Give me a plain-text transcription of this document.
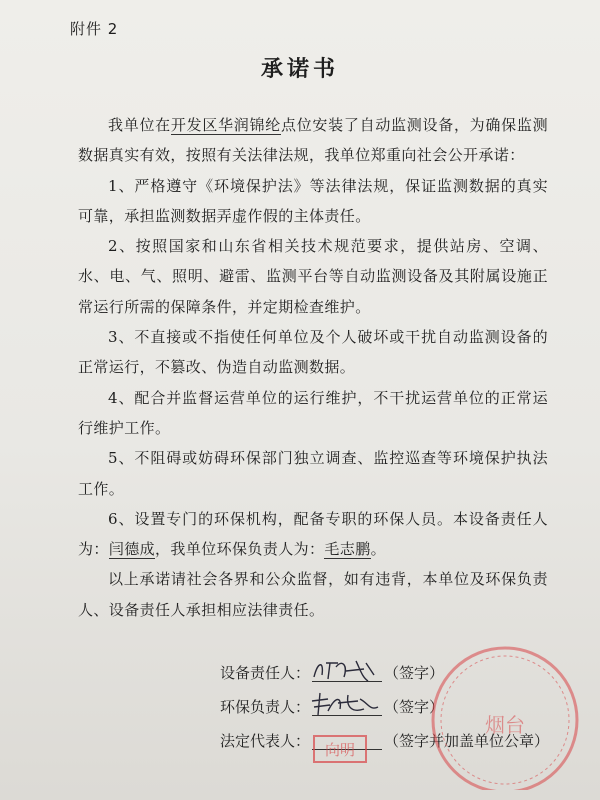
附件 2
承诺书

我单位在开发区华润锦纶点位安装了自动监测设备，为确保监测数据真实有效，按照有关法律法规，我单位郑重向社会公开承诺：

1、严格遵守《环境保护法》等法律法规，保证监测数据的真实可靠，承担监测数据弄虚作假的主体责任。

2、按照国家和山东省相关技术规范要求，提供站房、空调、水、电、气、照明、避雷、监测平台等自动监测设备及其附属设施正常运行所需的保障条件，并定期检查维护。

3、不直接或不指使任何单位及个人破坏或干扰自动监测设备的正常运行，不篡改、伪造自动监测数据。

4、配合并监督运营单位的运行维护，不干扰运营单位的正常运行维护工作。

5、不阻碍或妨碍环保部门独立调查、监控巡查等环境保护执法工作。

6、设置专门的环保机构，配备专职的环保人员。本设备责任人为：闫德成，我单位环保负责人为：毛志鹏。

以上承诺请社会各界和公众监督，如有违背，本单位及环保负责人、设备责任人承担相应法律责任。

设备责任人：	（签字）
环保负责人：	（签字）
法定代表人：	（签字并加盖单位公章）
烟台
向明
